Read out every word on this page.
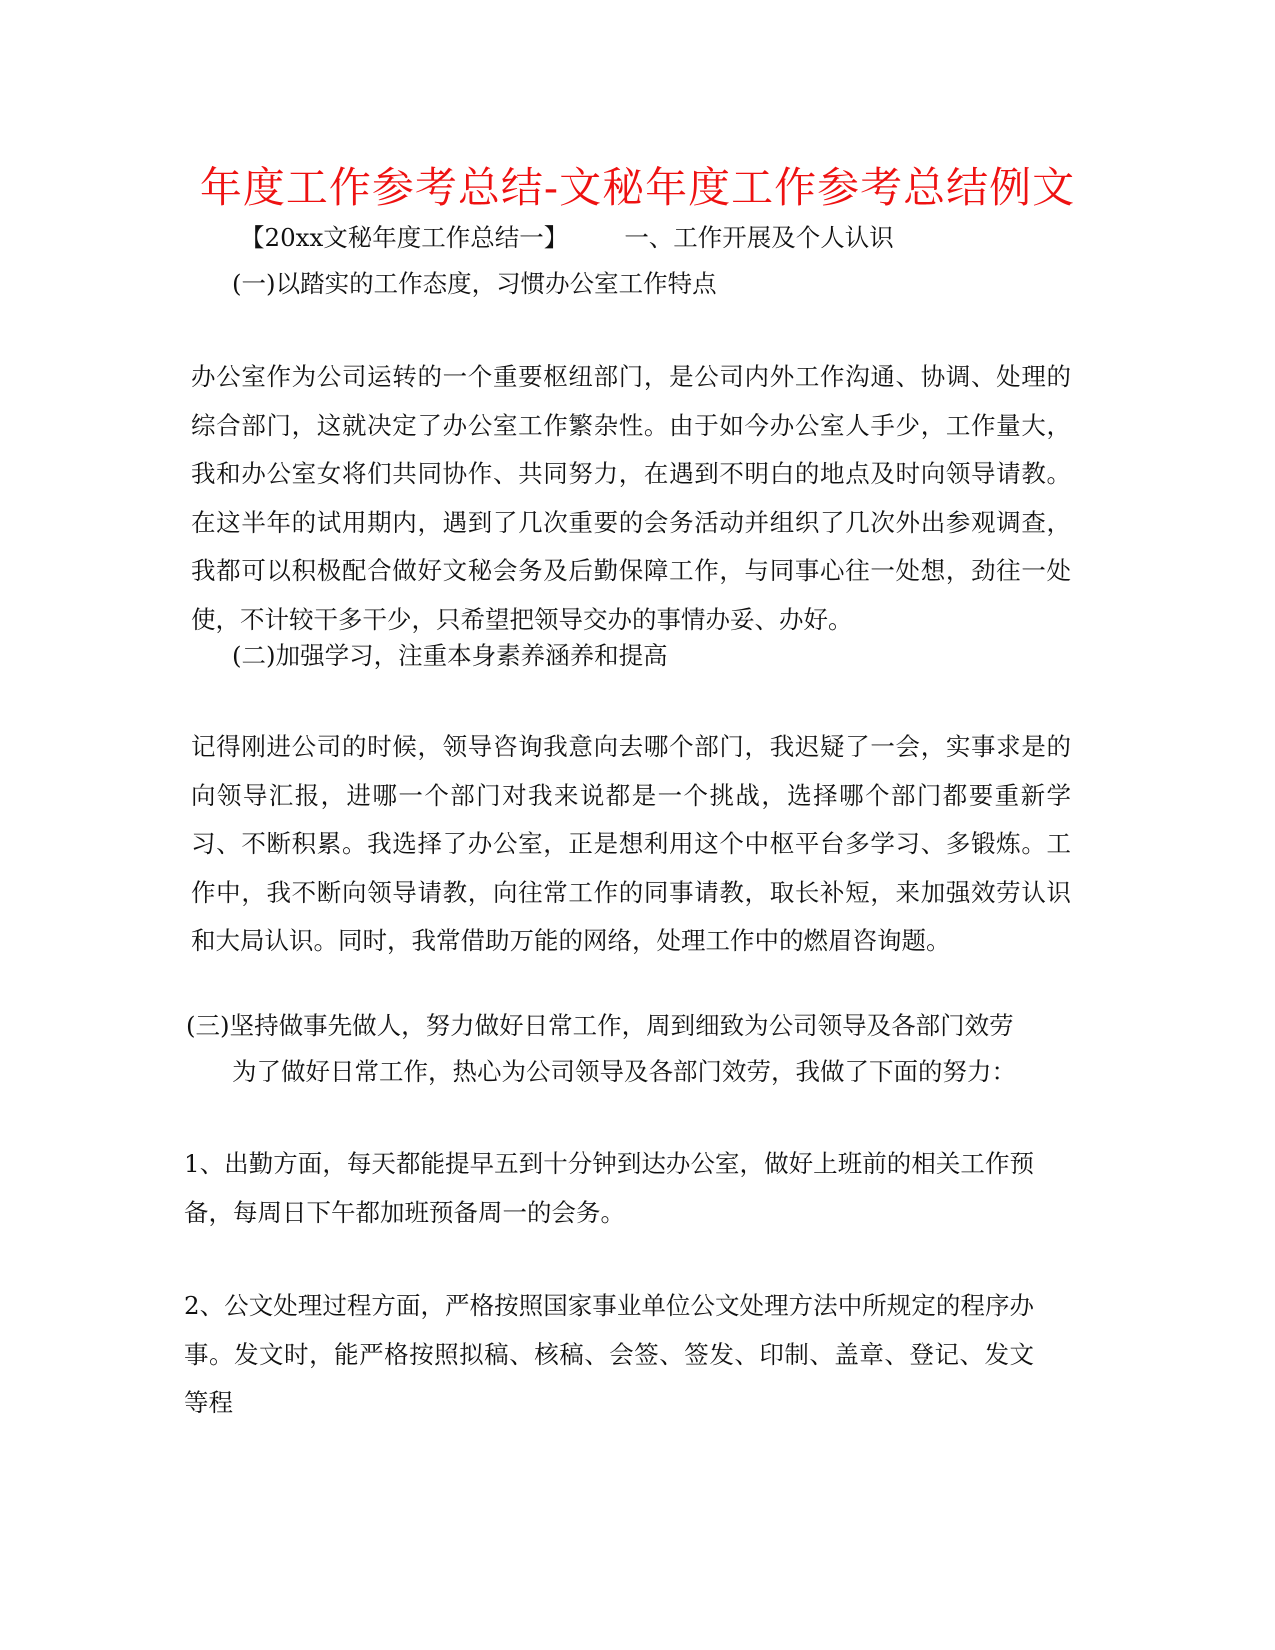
年度工作参考总结-文秘年度工作参考总结例文
【20xx文秘年度工作总结一】 一、工作开展及个人认识
(一)以踏实的工作态度，习惯办公室工作特点
办公室作为公司运转的一个重要枢纽部门，是公司内外工作沟通、协调、处理的综合部门，这就决定了办公室工作繁杂性。由于如今办公室人手少，工作量大，我和办公室女将们共同协作、共同努力，在遇到不明白的地点及时向领导请教。在这半年的试用期内，遇到了几次重要的会务活动并组织了几次外出参观调查，我都可以积极配合做好文秘会务及后勤保障工作，与同事心往一处想，劲往一处使，不计较干多干少，只希望把领导交办的事情办妥、办好。
(二)加强学习，注重本身素养涵养和提高
记得刚进公司的时候，领导咨询我意向去哪个部门，我迟疑了一会，实事求是的向领导汇报，进哪一个部门对我来说都是一个挑战，选择哪个部门都要重新学习、不断积累。我选择了办公室，正是想利用这个中枢平台多学习、多锻炼。工作中，我不断向领导请教，向往常工作的同事请教，取长补短，来加强效劳认识和大局认识。同时，我常借助万能的网络，处理工作中的燃眉咨询题。
(三)坚持做事先做人，努力做好日常工作，周到细致为公司领导及各部门效劳
为了做好日常工作，热心为公司领导及各部门效劳，我做了下面的努力：
1、出勤方面，每天都能提早五到十分钟到达办公室，做好上班前的相关工作预备，每周日下午都加班预备周一的会务。
2、公文处理过程方面，严格按照国家事业单位公文处理方法中所规定的程序办事。发文时，能严格按照拟稿、核稿、会签、签发、印制、盖章、登记、发文等程
